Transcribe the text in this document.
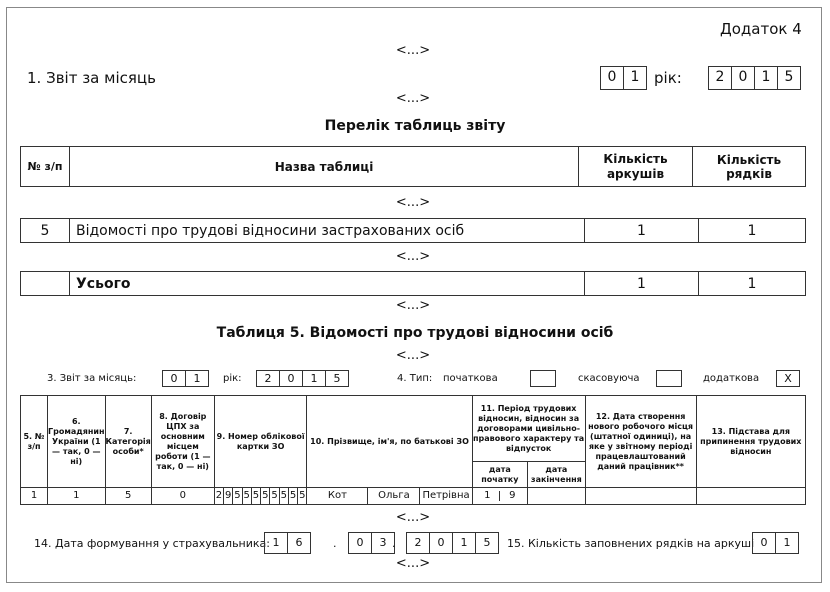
Додаток 4
<...>
1. Звіт за місяць	0	1 рік:	2	0	1	5
<...>
Перелік таблиць звіту
№ з/п	Назва таблиці	Кількість аркушів	Кількість рядків
<...>
5	Відомості про трудові відносини застрахованих осіб	1	1
<...>
	Усього	1	1
<...>
Таблиця 5. Відомості про трудові відносини осіб
<...>
3. Звіт за місяць:	0	1	рік:	2	0	1	5	4. Тип: початкова	скасовуюча	додаткова	X
5. № з/п	6. Громадянин України (1 — так, 0 — ні)	7. Категорія особи*	8. Договір ЦПХ за основним місцем роботи (1 — так, 0 — ні)	9. Номер облікової картки ЗО										10. Прізвище, ім'я, по батькові ЗО			11. Період трудових відносин, відносин за договорами цивільно-правового характеру та відпусток		12. Дата створення нового робочого місця (штатної одиниці), на яке у звітному періоді працевлаштований даний працівник**	13. Підстава для припинення трудових відносин
																	дата початку	дата закінчення		
1	1	5	0	2	9	5	5	5	5	5	5	5	5	Кот	Ольга	Петрівна	1 9			
<...>
14. Дата формування у страхувальника: 1	6	.	0	3 .	2	0	1	5	15. Кількість заповнених рядків на аркуші 0	1
<...>
